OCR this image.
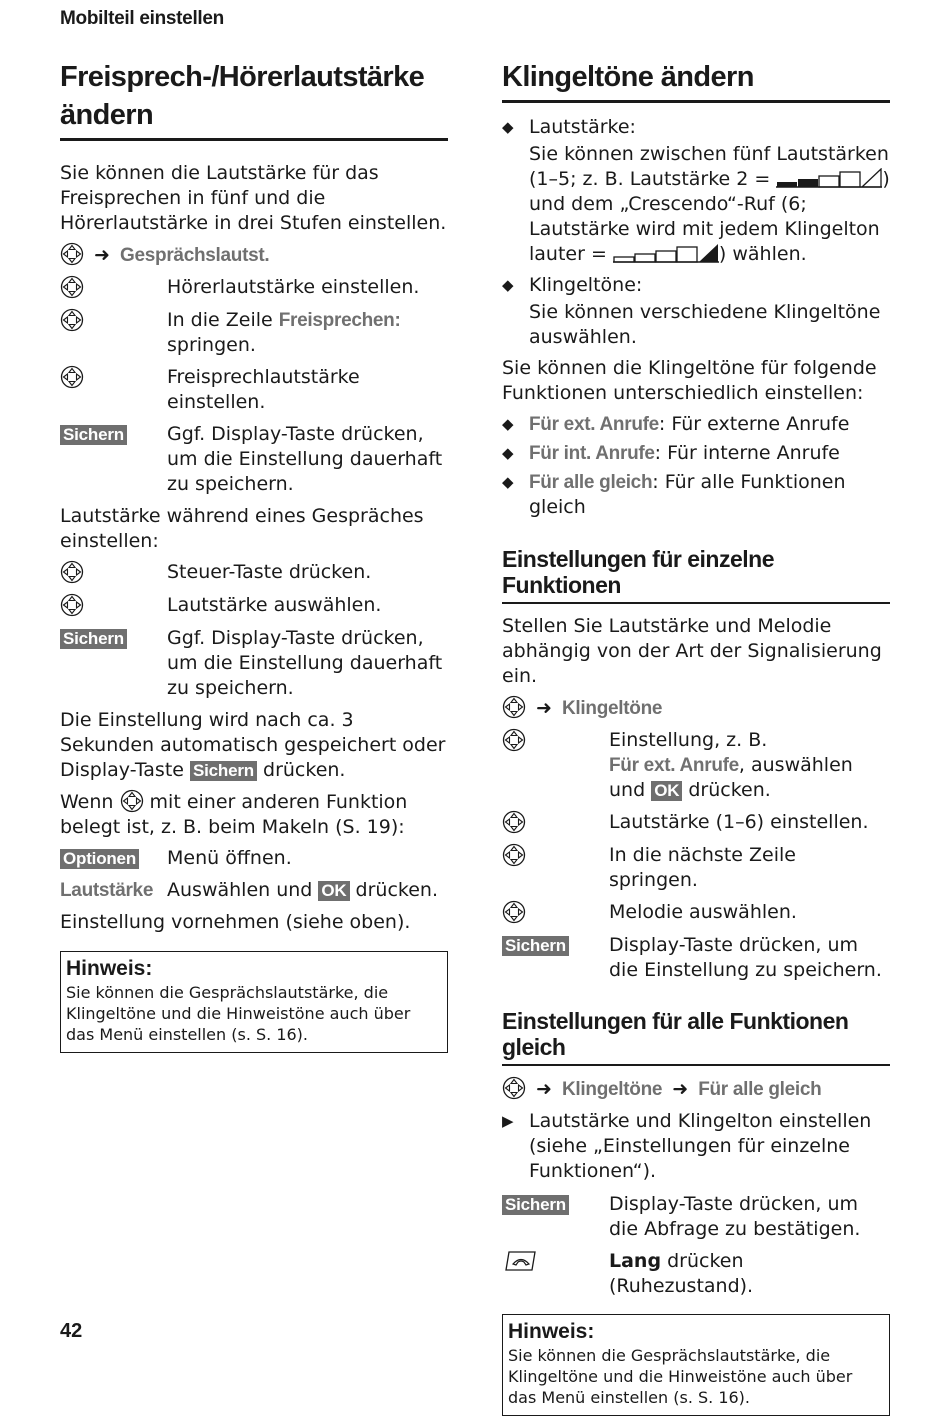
Mobilteil einstellen
Freisprech-/Hörerlautstärke ändern

Sie können die Lautstärke für das Freisprechen in fünf und die Hörerlautstärke in drei Stufen einstellen.

➜ Gesprächslautst.
Hörerlautstärke einstellen.
In die Zeile Freisprechen: springen.
Freisprechlautstärke einstellen.
Sichern	Ggf. Display-Taste drücken, um die Einstellung dauerhaft zu speichern.

Lautstärke während eines Gespräches einstellen:

Steuer-Taste drücken.
Lautstärke auswählen.
Sichern	Ggf. Display-Taste drücken, um die Einstellung dauerhaft zu speichern.

Die Einstellung wird nach ca. 3 Sekunden automatisch gespeichert oder Display-Taste Sichern drücken.

Wenn  mit einer anderen Funktion belegt ist, z. B. beim Makeln (S. 19):

Optionen	Menü öffnen.
Lautstärke Auswählen und OK drücken.

Einstellung vornehmen (siehe oben).

Hinweis:
Sie können die Gesprächslautstärke, die Klingeltöne und die Hinweistöne auch über das Menü einstellen (s. S. 16).
Klingeltöne ändern
◆ Lautstärke:
Sie können zwischen fünf Lautstärken (1–5; z. B. Lautstärke 2 =	) und dem „Crescendo“-Ruf (6; Lautstärke wird mit jedem Klingelton lauter =	) wählen.
◆ Klingeltöne:
Sie können verschiedene Klingeltöne auswählen.

Sie können die Klingeltöne für folgende Funktionen unterschiedlich einstellen:

◆ Für ext. Anrufe: Für externe Anrufe
◆ Für int. Anrufe: Für interne Anrufe
◆ Für alle gleich: Für alle Funktionen gleich
Einstellungen für einzelne Funktionen

Stellen Sie Lautstärke und Melodie abhängig von der Art der Signalisierung ein.

➜ Klingeltöne
Einstellung, z. B.
Für ext. Anrufe, auswählen und OK drücken.
Lautstärke (1–6) einstellen.
In die nächste Zeile springen.
Melodie auswählen.
Sichern	Display-Taste drücken, um die Einstellung zu speichern.
Einstellungen für alle Funktionen gleich
➜ Klingeltöne ➜ Für alle gleich
▶ Lautstärke und Klingelton einstellen (siehe „Einstellungen für einzelne Funktionen“).
Sichern	Display-Taste drücken, um die Abfrage zu bestätigen.
Lang drücken (Ruhezustand).
Hinweis:
Sie können die Gesprächslautstärke, die Klingeltöne und die Hinweistöne auch über das Menü einstellen (s. S. 16).
42
